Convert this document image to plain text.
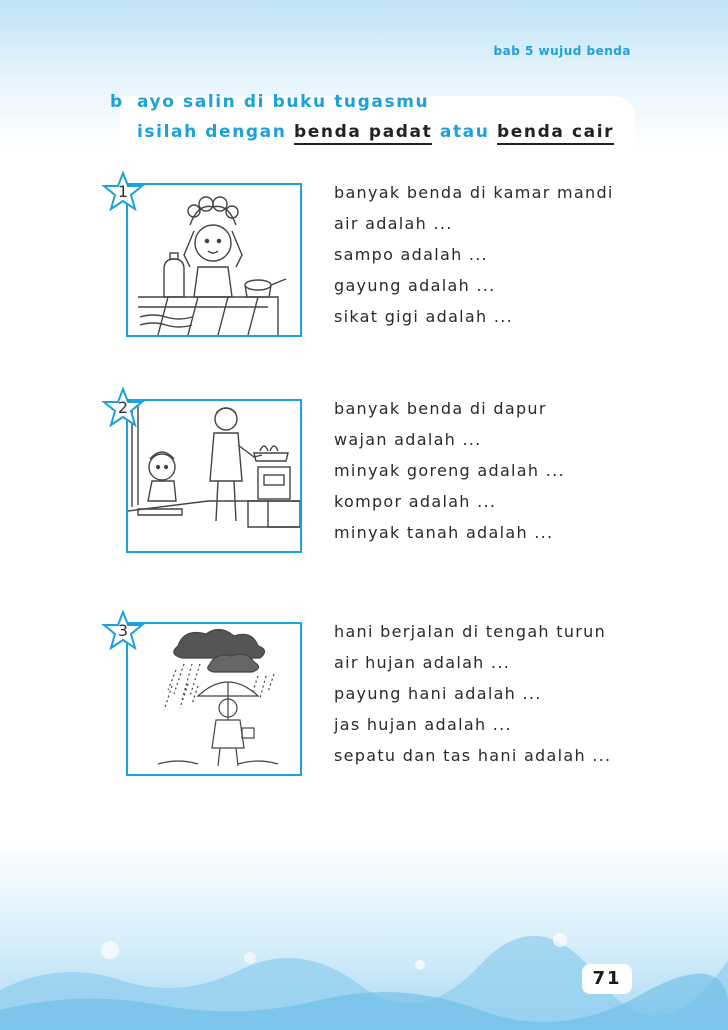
bab 5 wujud benda
b ayo salin di buku tugasmu
isilah dengan benda padat atau benda cair
1	banyak benda di kamar mandi
air adalah ...
sampo adalah ...
gayung adalah ...
sikat gigi adalah ...
2	banyak benda di dapur
wajan adalah ...
minyak goreng adalah ...
kompor adalah ...
minyak tanah adalah ...
3	hani berjalan di tengah turun
air hujan adalah ...
payung hani adalah ...
jas hujan adalah ...
sepatu dan tas hani adalah ...
71
